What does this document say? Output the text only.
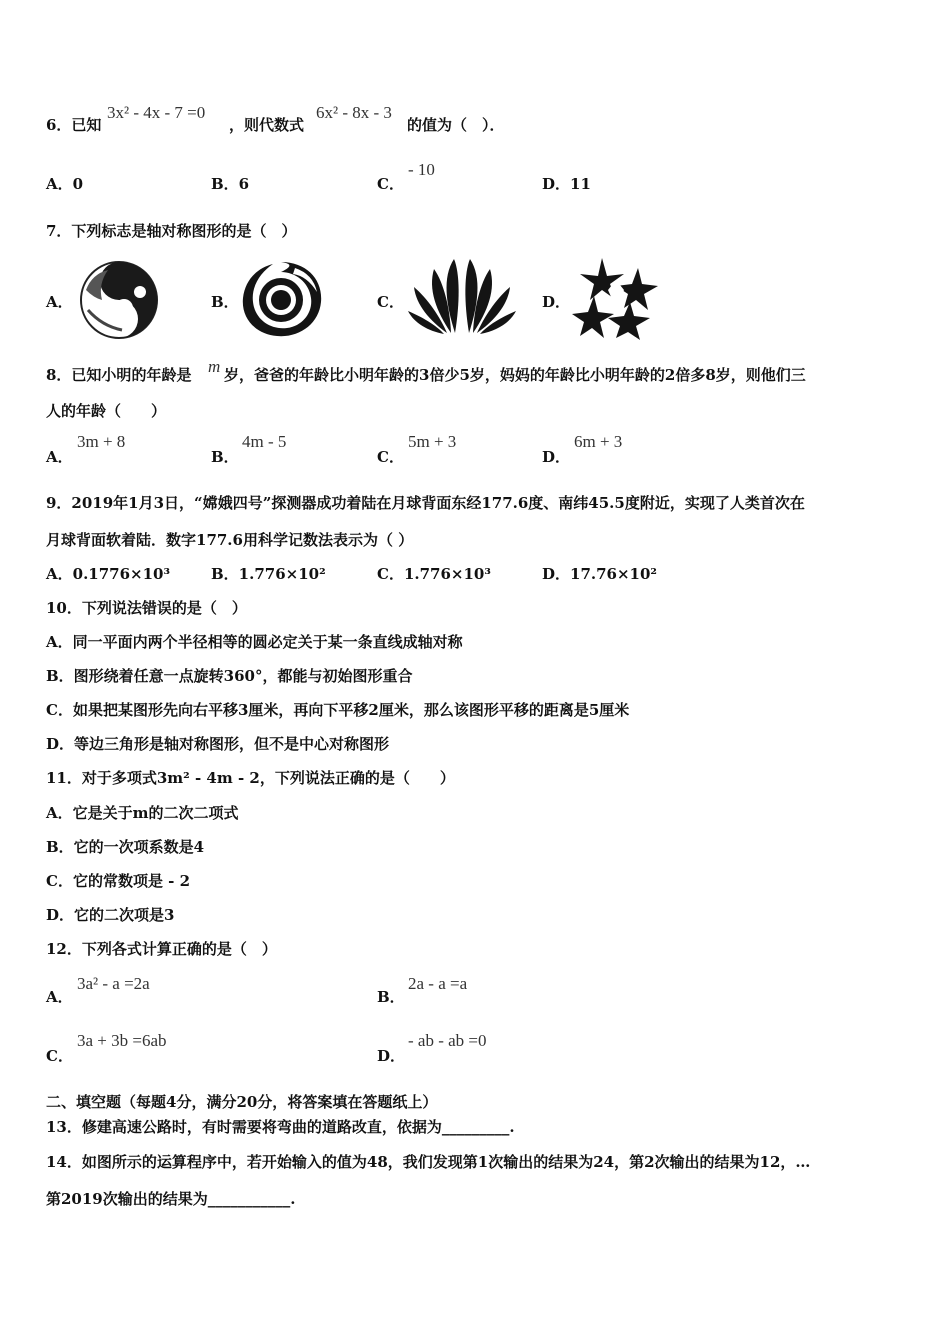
6．已知
3x² - 4x - 7 =0
，则代数式
6x² - 8x - 3
的值为（　）．
A．0	B．6	C．
- 10
D．11
7．下列标志是轴对称图形的是（　）
A．	B．	C．	D．
8．已知小明的年龄是 m 岁，爸爸的年龄比小明年龄的3倍少5岁，妈妈的年龄比小明年龄的2倍多8岁，则他们三
人的年龄（　　）
A．
3m + 8
B．
4m - 5
C．
5m + 3
D．
6m + 3
9．2019年1月3日，“嫦娥四号”探测器成功着陆在月球背面东经177.6度、南纬45.5度附近，实现了人类首次在
月球背面软着陆．数字177.6用科学记数法表示为（ ）
A．0.1776×10³	B．1.776×10²	C．1.776×10³	D．17.76×10²
10．下列说法错误的是（　）
A．同一平面内两个半径相等的圆必定关于某一条直线成轴对称
B．图形绕着任意一点旋转360°，都能与初始图形重合
C．如果把某图形先向右平移3厘米，再向下平移2厘米，那么该图形平移的距离是5厘米
D．等边三角形是轴对称图形，但不是中心对称图形
11．对于多项式3m² - 4m - 2，下列说法正确的是（　　）
A．它是关于m的二次二项式
B．它的一次项系数是4
C．它的常数项是 - 2
D．它的二次项是3
12．下列各式计算正确的是（　）
A．
3a² - a =2a
B．
2a - a =a
C．
3a + 3b =6ab
D．
- ab - ab =0
二、填空题（每题4分，满分20分，将答案填在答题纸上）
13．修建高速公路时，有时需要将弯曲的道路改直，依据为_________.
14．如图所示的运算程序中，若开始输入的值为48，我们发现第1次输出的结果为24，第2次输出的结果为12，…
第2019次输出的结果为___________.
